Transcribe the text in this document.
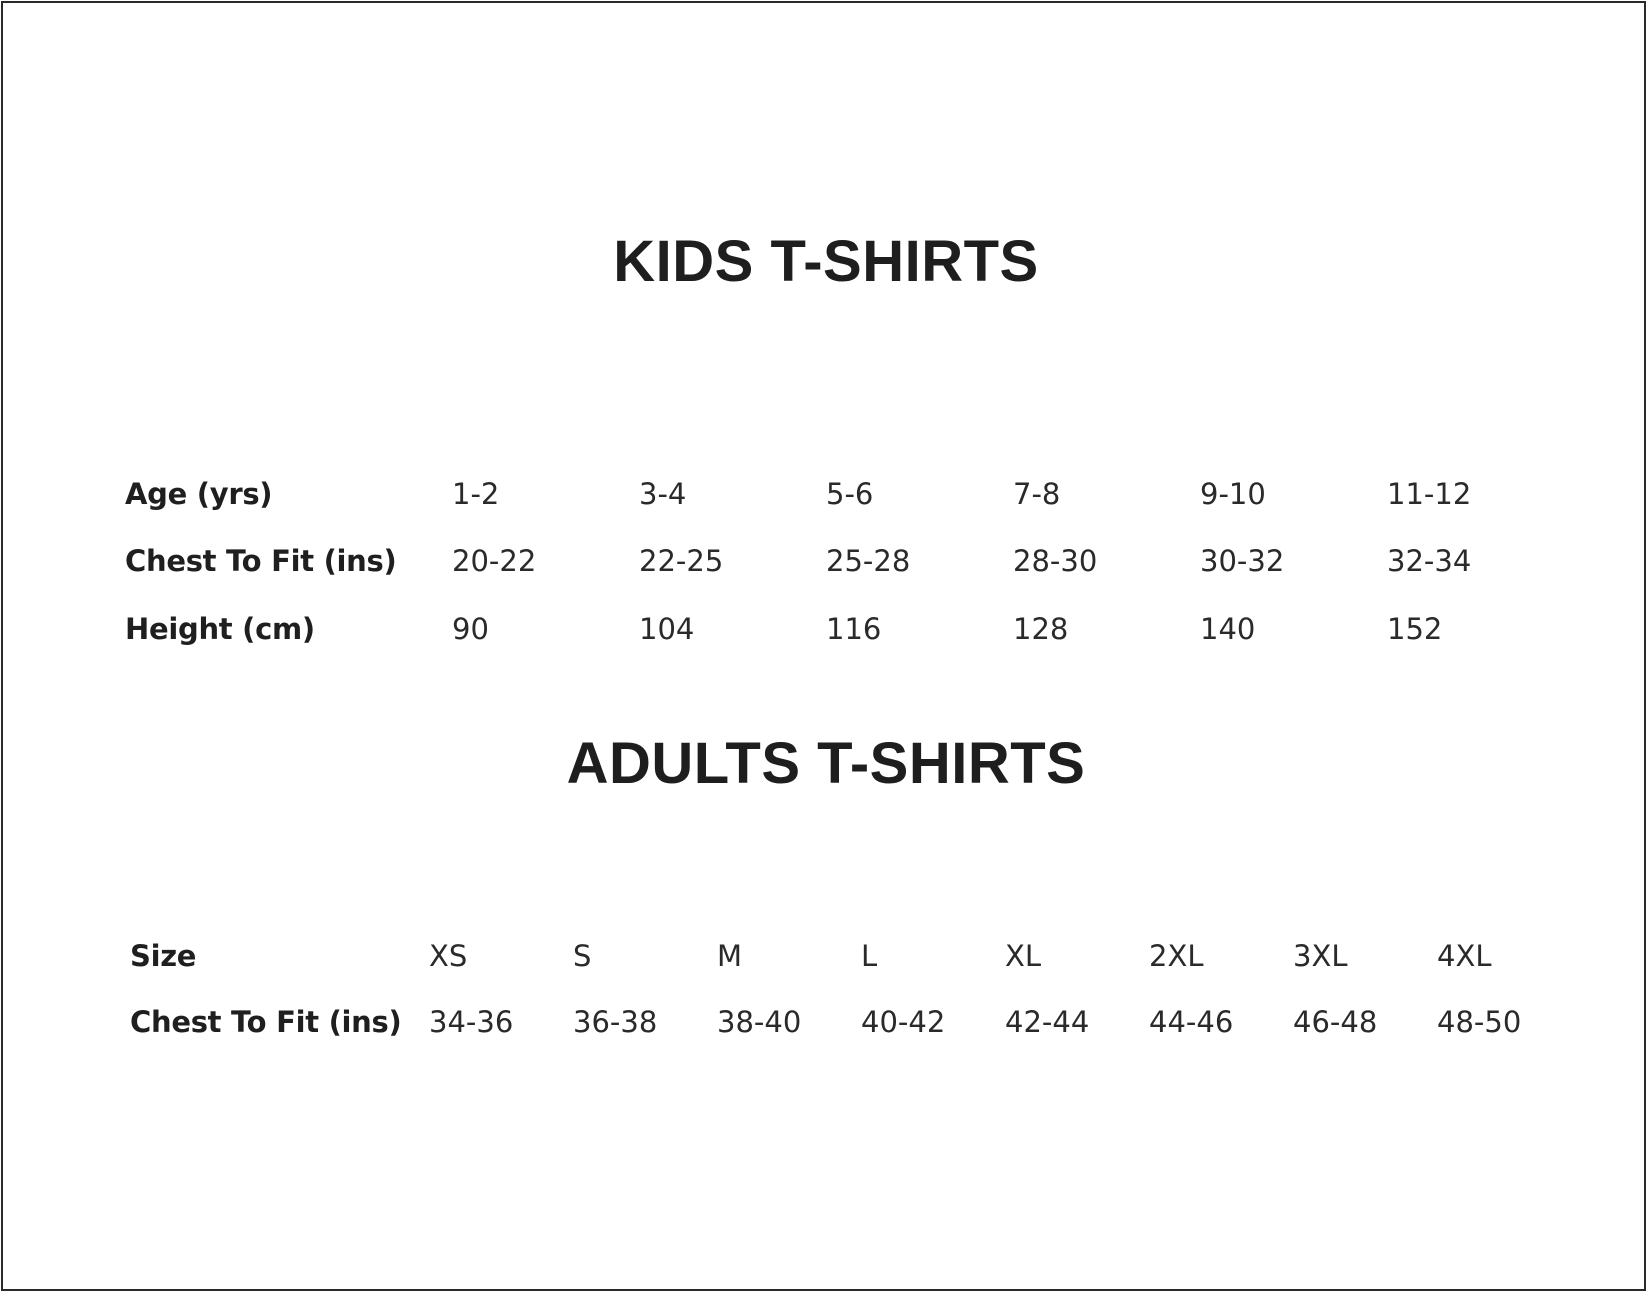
KIDS T-SHIRTS
Age (yrs)	1-2	3-4	5-6	7-8	9-10	11-12
Chest To Fit (ins) 20-22	22-25	25-28	28-30	30-32	32-34
Height (cm)	90	104	116	128	140	152
ADULTS T-SHIRTS
Size	XS	S	M	L	XL	2XL	3XL	4XL
Chest To Fit (ins) 34-36 36-38 38-40 40-42 42-44 44-46 46-48 48-50
